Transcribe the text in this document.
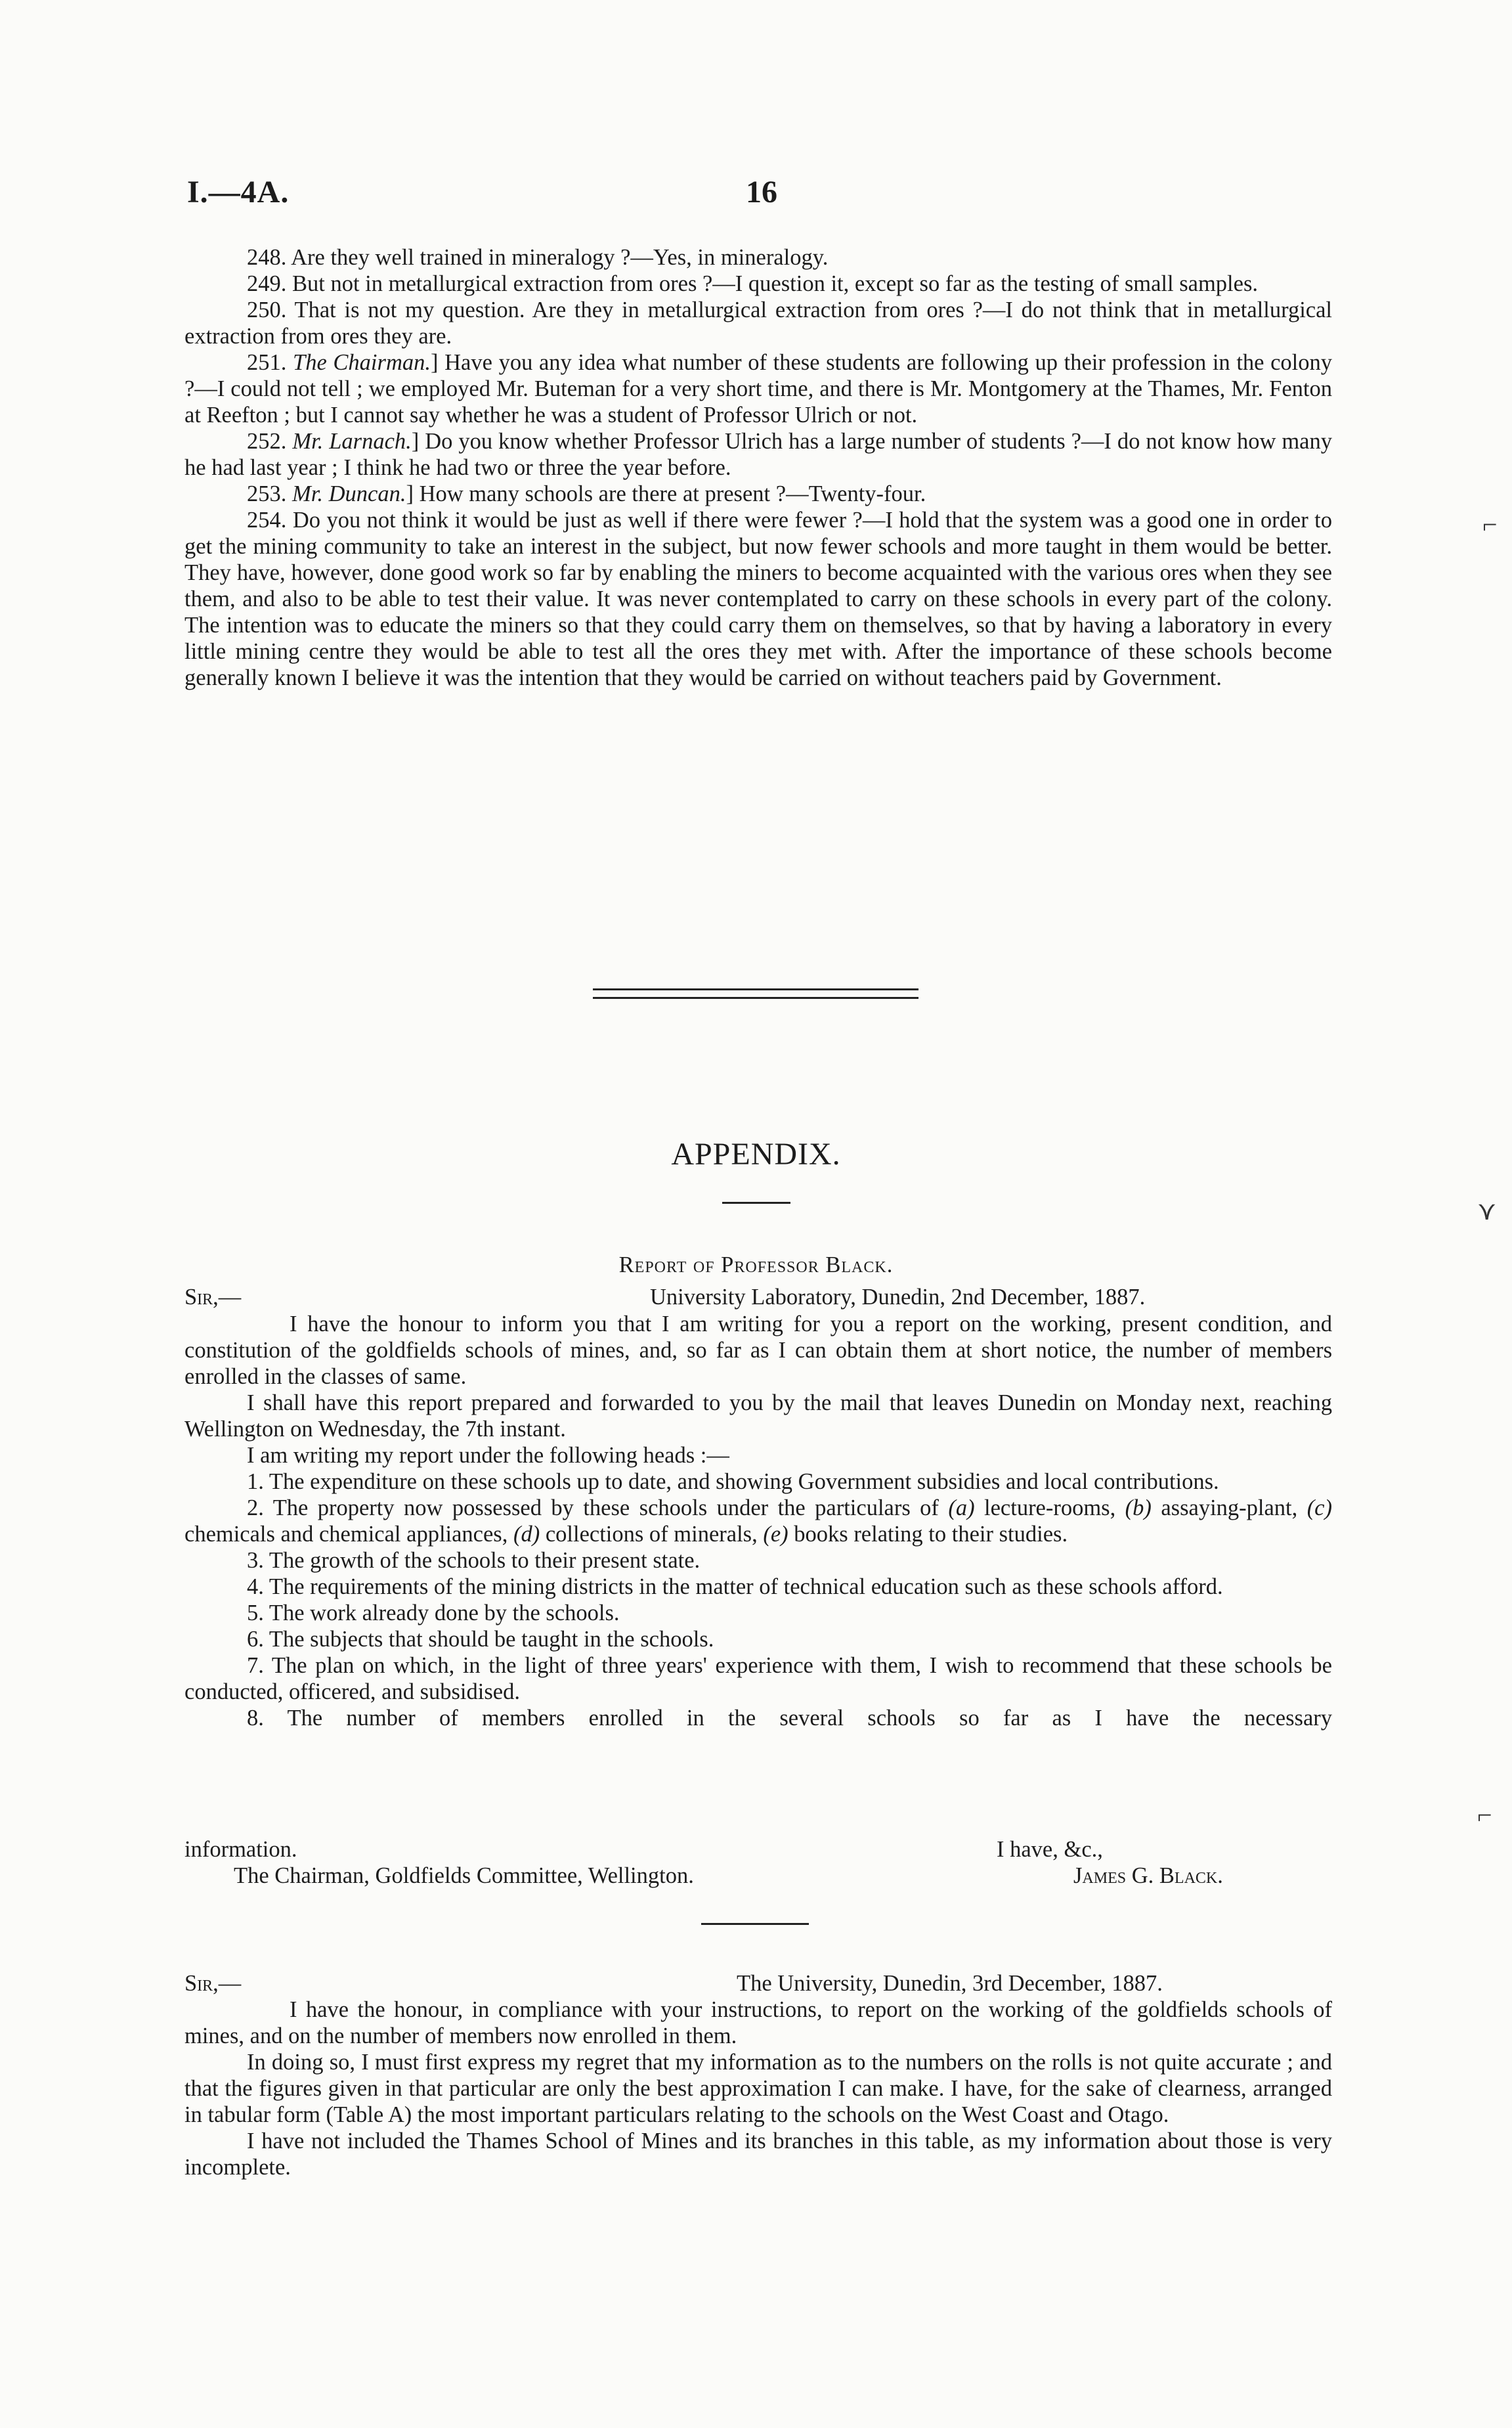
I.—4A.	16

248. Are they well trained in mineralogy ?—Yes, in mineralogy.

249. But not in metallurgical extraction from ores ?—I question it, except so far as the testing of small samples.

250. That is not my question. Are they in metallurgical extraction from ores ?—I do not think that in metallurgical extraction from ores they are.

251. The Chairman.] Have you any idea what number of these students are following up their profession in the colony ?—I could not tell ; we employed Mr. Buteman for a very short time, and there is Mr. Montgomery at the Thames, Mr. Fenton at Reefton ; but I cannot say whether he was a student of Professor Ulrich or not.

252. Mr. Larnach.] Do you know whether Professor Ulrich has a large number of students ?—I do not know how many he had last year ; I think he had two or three the year before.

253. Mr. Duncan.] How many schools are there at present ?—Twenty-four.

254. Do you not think it would be just as well if there were fewer ?—I hold that the system was a good one in order to get the mining community to take an interest in the subject, but now fewer schools and more taught in them would be better. They have, however, done good work so far by enabling the miners to become acquainted with the various ores when they see them, and also to be able to test their value. It was never contemplated to carry on these schools in every part of the colony. The intention was to educate the miners so that they could carry them on themselves, so that by having a laboratory in every little mining centre they would be able to test all the ores they met with. After the importance of these schools become generally known I believe it was the intention that they would be carried on without teachers paid by Government.

APPENDIX.
Report of Professor Black.
Sir,—	University Laboratory, Dunedin, 2nd December, 1887.

I have the honour to inform you that I am writing for you a report on the working, present condition, and constitution of the goldfields schools of mines, and, so far as I can obtain them at short notice, the number of members enrolled in the classes of same.

I shall have this report prepared and forwarded to you by the mail that leaves Dunedin on Monday next, reaching Wellington on Wednesday, the 7th instant.

I am writing my report under the following heads :—

1. The expenditure on these schools up to date, and showing Government subsidies and local contributions.

2. The property now possessed by these schools under the particulars of (a) lecture-rooms, (b) assaying-plant, (c) chemicals and chemical appliances, (d) collections of minerals, (e) books relating to their studies.

3. The growth of the schools to their present state.

4. The requirements of the mining districts in the matter of technical education such as these schools afford.

5. The work already done by the schools.

6. The subjects that should be taught in the schools.

7. The plan on which, in the light of three years' experience with them, I wish to recommend that these schools be conducted, officered, and subsidised.

8. The number of members enrolled in the several schools so far as I have the necessary

information.	I have, &c.,
The Chairman, Goldfields Committee, Wellington.	James G. Black.
Sir,—	The University, Dunedin, 3rd December, 1887.

I have the honour, in compliance with your instructions, to report on the working of the goldfields schools of mines, and on the number of members now enrolled in them.

In doing so, I must first express my regret that my information as to the numbers on the rolls is not quite accurate ; and that the figures given in that particular are only the best approximation I can make. I have, for the sake of clearness, arranged in tabular form (Table A) the most important particulars relating to the schools on the West Coast and Otago.

I have not included the Thames School of Mines and its branches in this table, as my information about those is very incomplete.

⌐
⋎
⌐
